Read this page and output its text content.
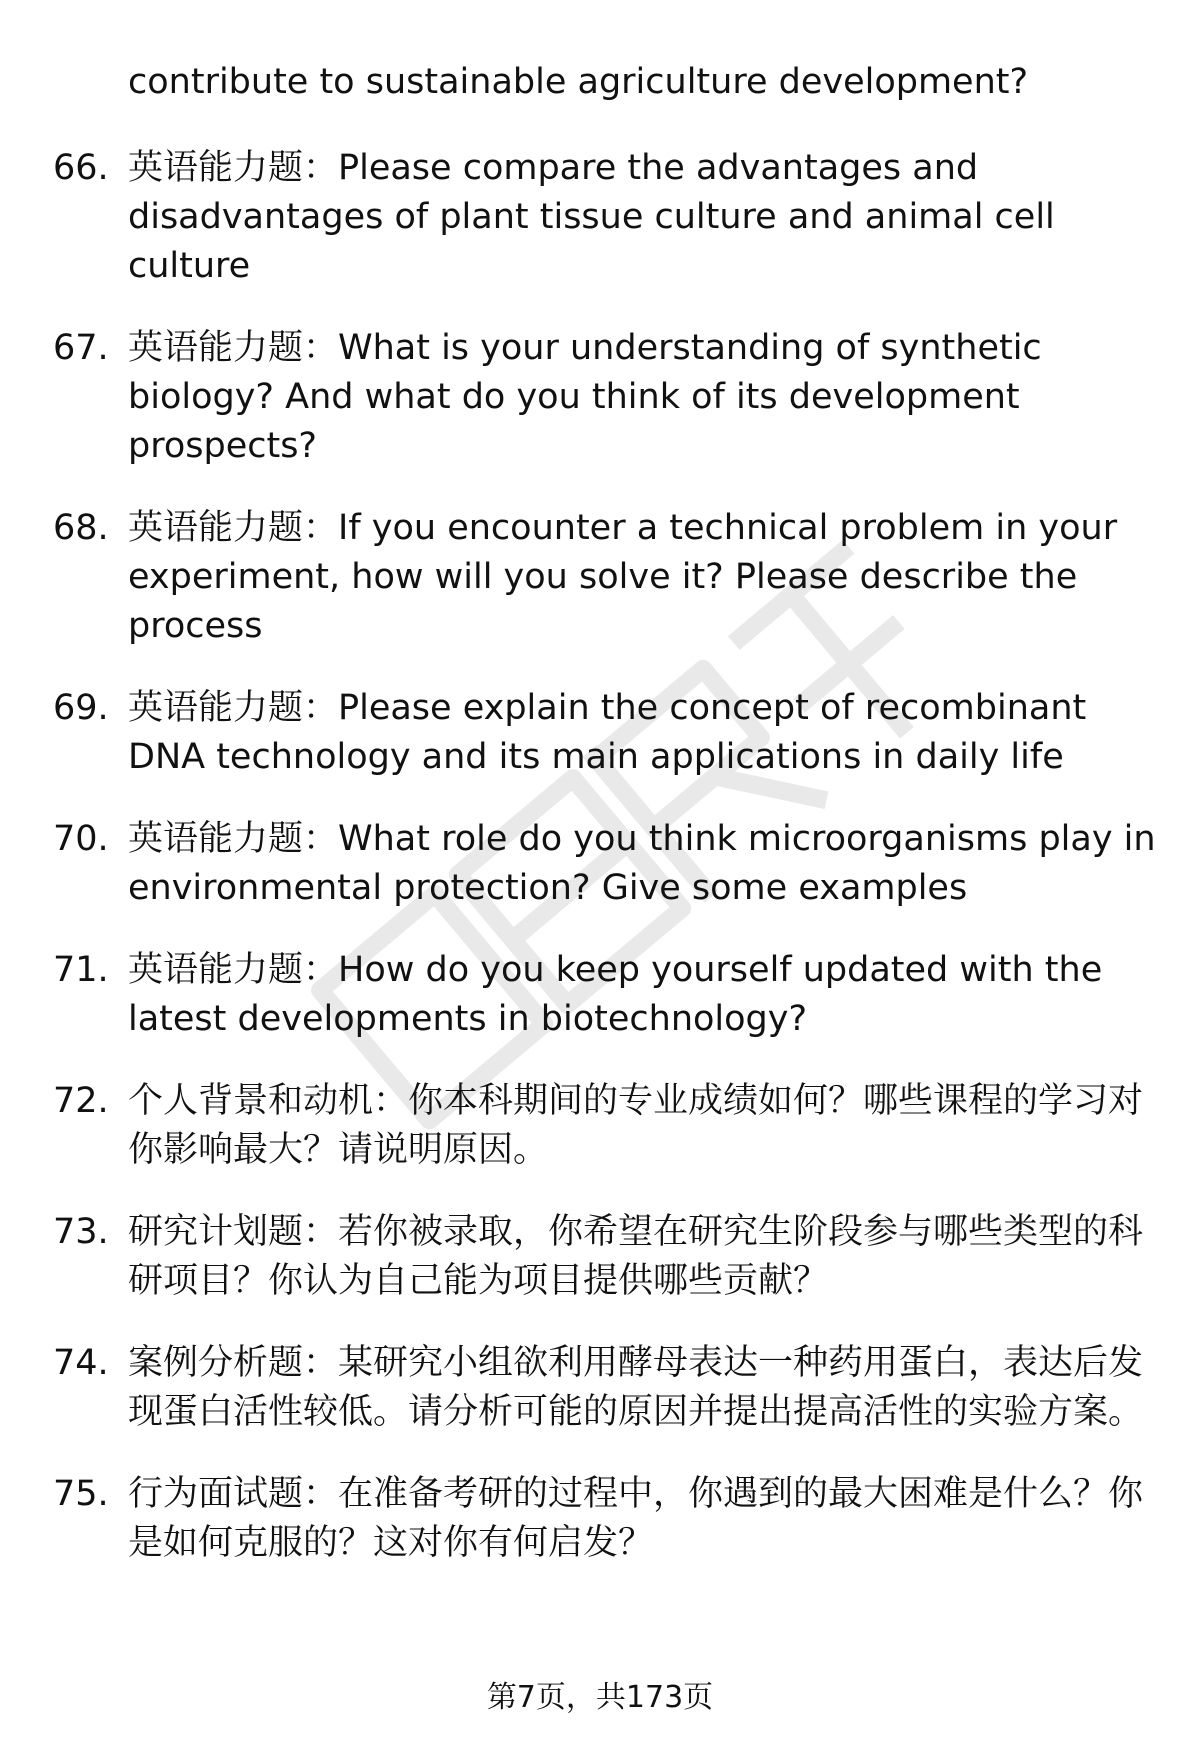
contribute to sustainable agriculture development?

66. 英语能力题：Please compare the advantages and disadvantages of plant tissue culture and animal cell culture

67. 英语能力题：What is your understanding of synthetic biology? And what do you think of its development prospects?

68. 英语能力题：If you encounter a technical problem in your experiment, how will you solve it? Please describe the process

69. 英语能力题：Please explain the concept of recombinant DNA technology and its main applications in daily life

70. 英语能力题：What role do you think microorganisms play in environmental protection? Give some examples

71. 英语能力题：How do you keep yourself updated with the latest developments in biotechnology?

72. 个人背景和动机：你本科期间的专业成绩如何？哪些课程的学习对你影响最大？请说明原因。

73. 研究计划题：若你被录取，你希望在研究生阶段参与哪些类型的科研项目？你认为自己能为项目提供哪些贡献？

74. 案例分析题：某研究小组欲利用酵母表达一种药用蛋白，表达后发现蛋白活性较低。请分析可能的原因并提出提高活性的实验方案。

75. 行为面试题：在准备考研的过程中，你遇到的最大困难是什么？你是如何克服的？这对你有何启发？

第7页，共173页
